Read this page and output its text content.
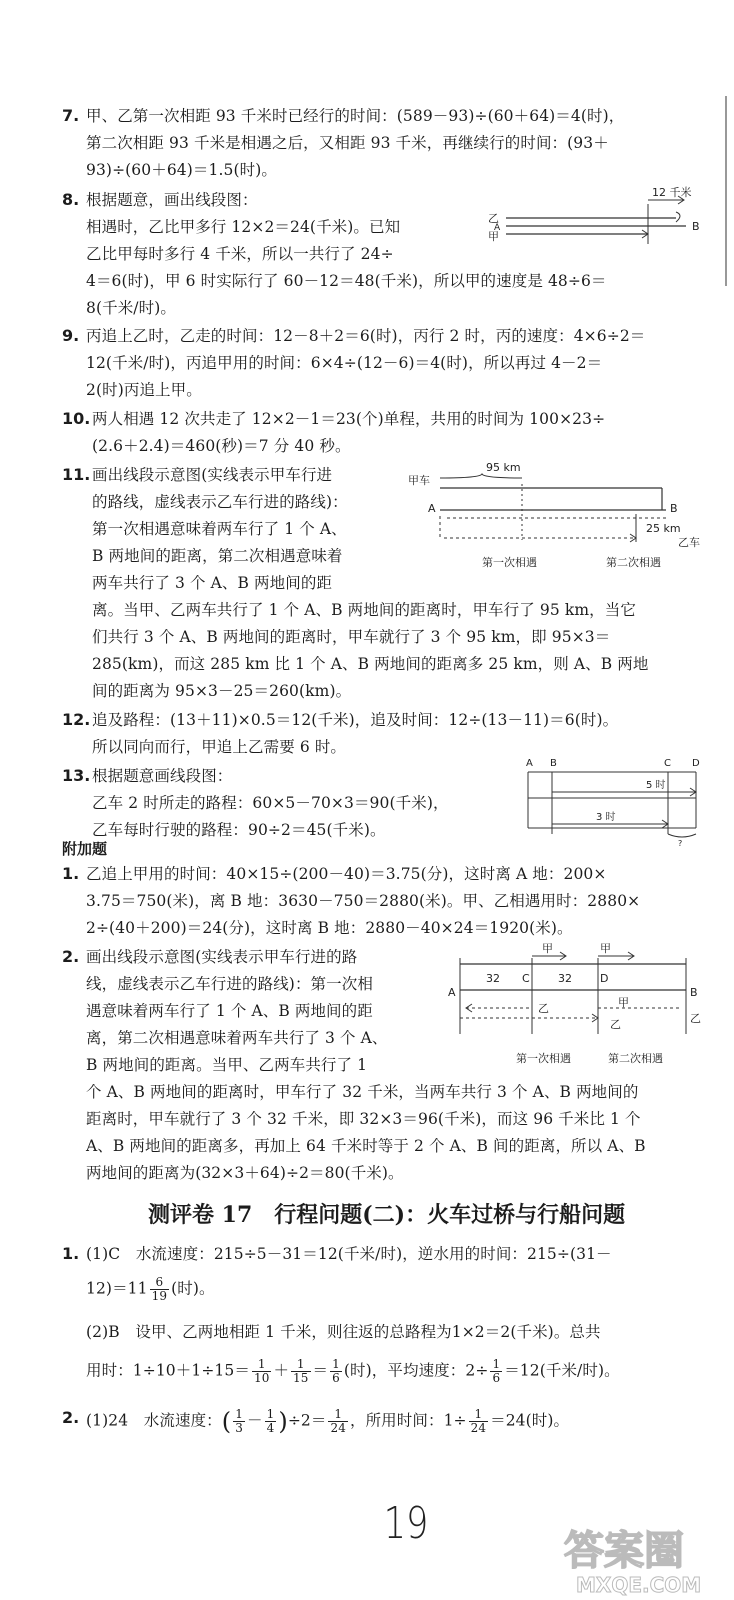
7. 甲、乙第一次相距 93 千米时已经行的时间：(589－93)÷(60＋64)＝4(时)，
第二次相距 93 千米是相遇之后，又相距 93 千米，再继续行的时间：(93＋
93)÷(60＋64)＝1.5(时)。
8. 根据题意，画出线段图：
相遇时，乙比甲多行 12×2＝24(千米)。已知
乙比甲每时多行 4 千米，所以一共行了 24÷
4＝6(时)，甲 6 时实际行了 60－12＝48(千米)，所以甲的速度是 48÷6＝
8(千米/时)。
12 千米
乙
A
甲
B
9. 丙追上乙时，乙走的时间：12－8＋2＝6(时)，丙行 2 时，丙的速度：4×6÷2＝
12(千米/时)，丙追甲用的时间：6×4÷(12－6)＝4(时)，所以再过 4－2＝
2(时)丙追上甲。
10. 两人相遇 12 次共走了 12×2－1＝23(个)单程，共用的时间为 100×23÷
(2.6＋2.4)＝460(秒)＝7 分 40 秒。
11. 画出线段示意图(实线表示甲车行进
的路线，虚线表示乙车行进的路线)：
第一次相遇意味着两车行了 1 个 A、
B 两地间的距离，第二次相遇意味着
两车共行了 3 个 A、B 两地间的距
离。当甲、乙两车共行了 1 个 A、B 两地间的距离时，甲车行了 95 km，当它
们共行 3 个 A、B 两地间的距离时，甲车就行了 3 个 95 km，即 95×3＝
285(km)，而这 285 km 比 1 个 A、B 两地间的距离多 25 km，则 A、B 两地
间的距离为 95×3－25＝260(km)。
95 km
甲车
A	B
25 km
乙车
第一次相遇	第二次相遇
12. 追及路程：(13＋11)×0.5＝12(千米)，追及时间：12÷(13－11)＝6(时)。
所以同向而行，甲追上乙需要 6 时。
13. 根据题意画线段图：
乙车 2 时所走的路程：60×5－70×3＝90(千米)，
乙车每时行驶的路程：90÷2＝45(千米)。
A B	C D
5 时
3 时
?
附加题
1. 乙追上甲用的时间：40×15÷(200－40)＝3.75(分)，这时离 A 地：200×
3.75＝750(米)，离 B 地：3630－750＝2880(米)。甲、乙相遇用时：2880×
2÷(40＋200)＝24(分)，这时离 B 地：2880－40×24＝1920(米)。
2. 画出线段示意图(实线表示甲车行进的路
线，虚线表示乙车行进的路线)：第一次相
遇意味着两车行了 1 个 A、B 两地间的距
离，第二次相遇意味着两车共行了 3 个 A、
B 两地间的距离。当甲、乙两车共行了 1
个 A、B 两地间的距离时，甲车行了 32 千米，当两车共行 3 个 A、B 两地间的
距离时，甲车就行了 3 个 32 千米，即 32×3＝96(千米)，而这 96 千米比 1 个
A、B 两地间的距离多，再加上 64 千米时等于 2 个 A、B 间的距离，所以 A、B
两地间的距离为(32×3＋64)÷2＝80(千米)。
甲	甲
32 C	32	D
A	B
乙	甲
乙
乙
第一次相遇	第二次相遇
测评卷 17　行程问题(二)：火车过桥与行船问题
1. (1)C　水流速度：215÷5－31＝12(千米/时)，逆水用的时间：215÷(31－
$12)=11 \frac{6}{19}$ (时)。
(2)B　设甲、乙两地相距 1 千米，则往返的总路程为1×2＝2(千米)。总共
用时：$1\div 10+1\div 15= \frac{1}{10} + \frac{1}{15} = \frac{1}{6}$ (时)，平均速度：$2\div \frac{1}{6} =12$(千米/时)。
2. (1)24　水流速度：( $\frac{1}{3} - \frac{1}{4} )\div 2= \frac{1}{24}$ ，所用时间：$1\div \frac{1}{24} =24$(时)。
19
答案圈
MXQE.COM
